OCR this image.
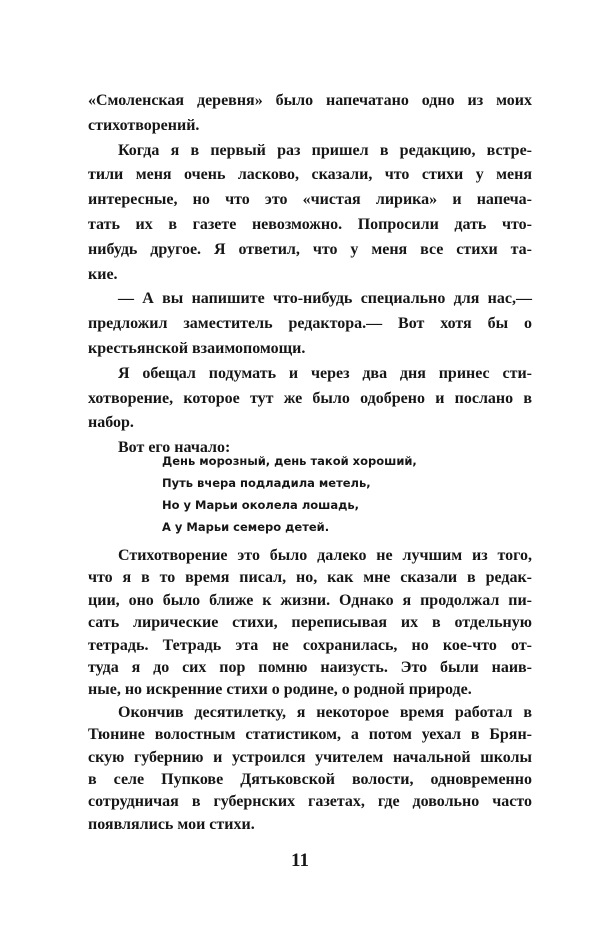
«Смоленская деревня» было напечатано одно из моих
стихотворений.
Когда я в первый раз пришел в редакцию, встре-
тили меня очень ласково, сказали, что стихи у меня
интересные, но что это «чистая лирика» и напеча-
тать их в газете невозможно. Попросили дать что-
нибудь другое. Я ответил, что у меня все стихи та-
кие.
— А вы напишите что-нибудь специально для нас,—
предложил заместитель редактора.— Вот хотя бы о
крестьянской взаимопомощи.
Я обещал подумать и через два дня принес сти-
хотворение, которое тут же было одобрено и послано в
набор.
Вот его начало:
День морозный, день такой хороший,
Путь вчера подладила метель,
Но у Марьи околела лошадь,
А у Марьи семеро детей.
Стихотворение это было далеко не лучшим из того,
что я в то время писал, но, как мне сказали в редак-
ции, оно было ближе к жизни. Однако я продолжал пи-
сать лирические стихи, переписывая их в отдельную
тетрадь. Тетрадь эта не сохранилась, но кое-что от-
туда я до сих пор помню наизусть. Это были наив-
ные, но искренние стихи о родине, о родной природе.
Окончив десятилетку, я некоторое время работал в
Тюнине волостным статистиком, а потом уехал в Брян-
скую губернию и устроился учителем начальной школы
в селе Пупкове Дятьковской волости, одновременно
сотрудничая в губернских газетах, где довольно часто
появлялись мои стихи.
11
